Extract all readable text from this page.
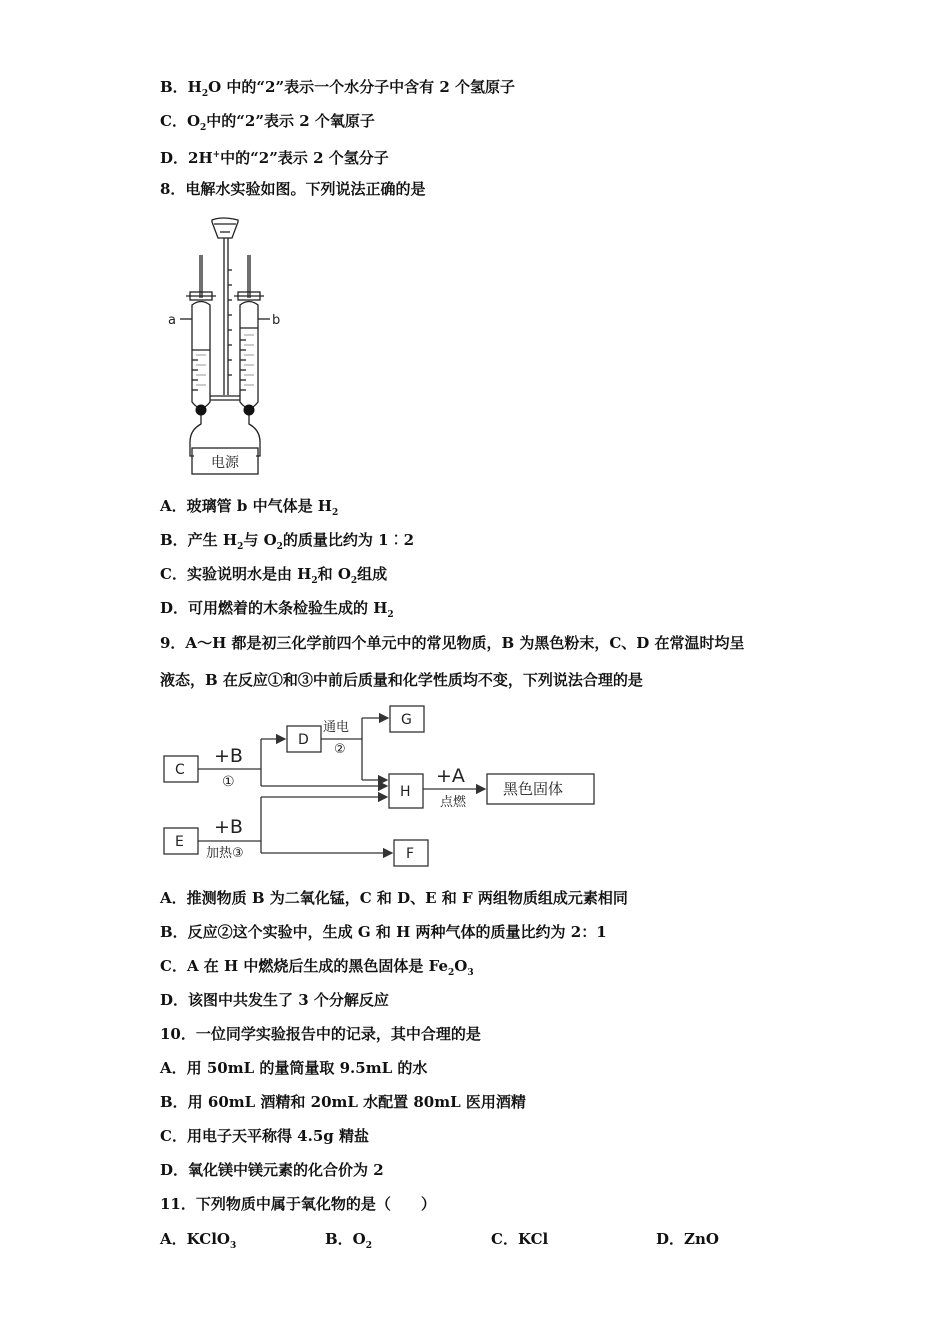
B．$H_2O$ 中的“2”表示一个水分子中含有 2 个氢原子
C．$O_2$中的“2”表示 2 个氧原子
D．2H+中的“2”表示 2 个氢分子
8．电解水实验如图。下列说法正确的是
a	b
电源
A．玻璃管 b 中气体是 $H_2$
B．产生 $H_2$与 $O_2$的质量比约为 1︰2
C．实验说明水是由 $H_2$和 $O_2$组成
D．可用燃着的木条检验生成的 $H_2$
9．A～H 都是初三化学前四个单元中的常见物质，B 为黑色粉末，C、D 在常温时均呈
液态，B 在反应①和③中前后质量和化学性质均不变，下列说法合理的是
C
D
G
H	黑色固体
E
F
+B
①
通电
②
+A
点燃
+B
加热③
A．推测物质 B 为二氧化锰，C 和 D、E 和 F 两组物质组成元素相同
B．反应②这个实验中，生成 G 和 H 两种气体的质量比约为 2：1
C．A 在 H 中燃烧后生成的黑色固体是 $Fe_2O_3$
D．该图中共发生了 3 个分解反应
10．一位同学实验报告中的记录，其中合理的是
A．用 50mL 的量筒量取 9.5mL 的水
B．用 60mL 酒精和 20mL 水配置 80mL 医用酒精
C．用电子天平称得 4.5g 精盐
D．氧化镁中镁元素的化合价为 2
11．下列物质中属于氧化物的是（　　）
A．KClO$_3$	B．$O_2$	C．KCl	D．ZnO
